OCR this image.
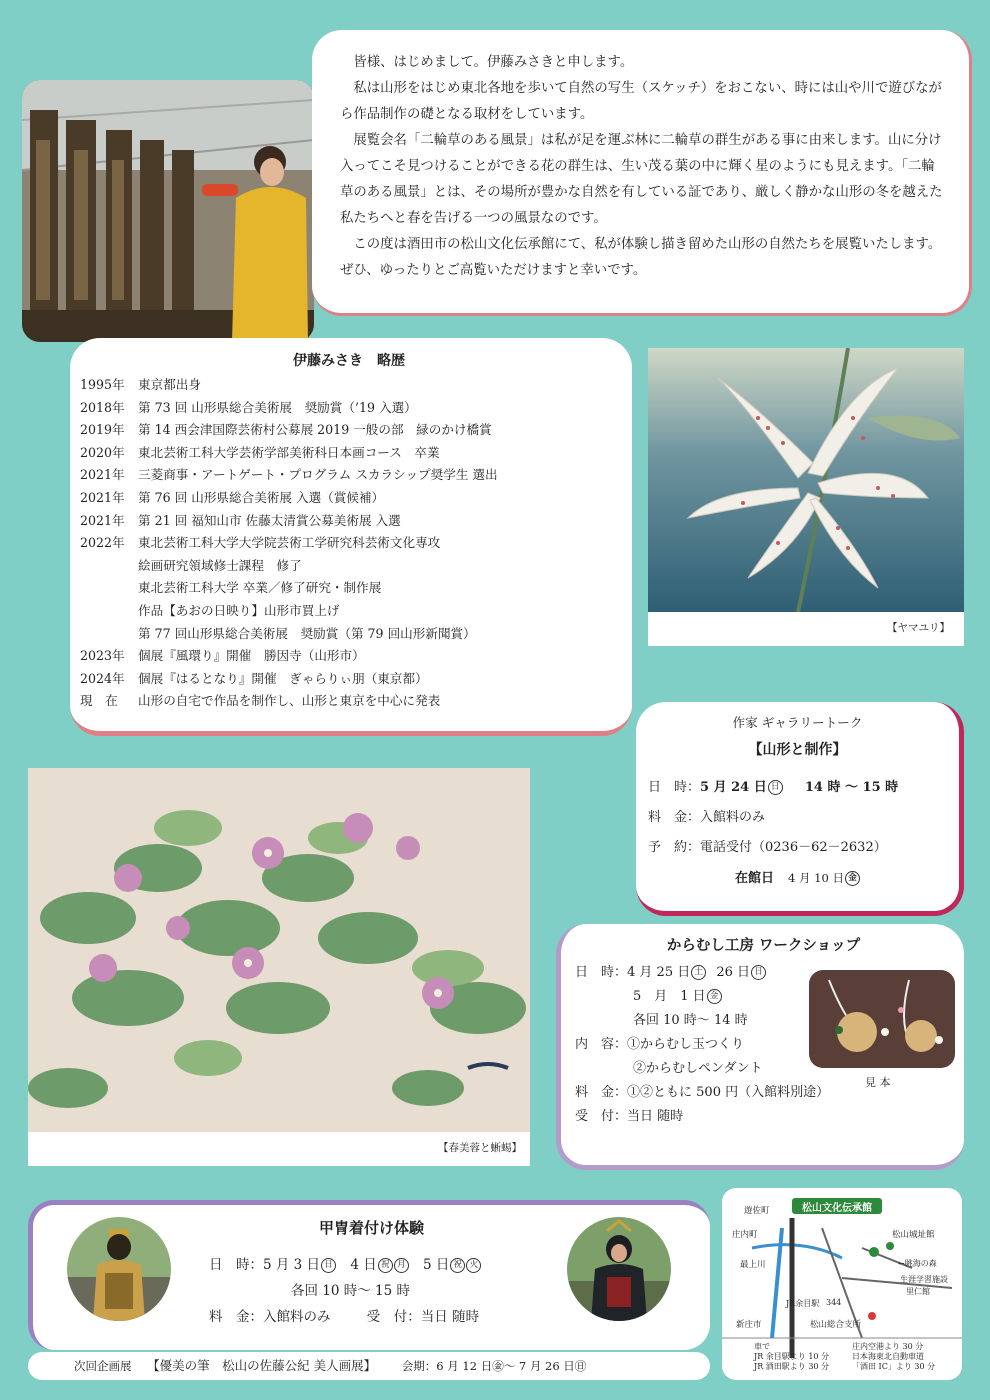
皆様、はじめまして。伊藤みさきと申します。

私は山形をはじめ東北各地を歩いて自然の写生（スケッチ）をおこない、時には山や川で遊びながら作品制作の礎となる取材をしています。

展覧会名「二輪草のある風景」は私が足を運ぶ林に二輪草の群生がある事に由来します。山に分け入ってこそ見つけることができる花の群生は、生い茂る葉の中に輝く星のようにも見えます。「二輪草のある風景」とは、その場所が豊かな自然を有している証であり、厳しく静かな山形の冬を越えた私たちへと春を告げる一つの風景なのです。

この度は酒田市の松山文化伝承館にて、私が体験し描き留めた山形の自然たちを展覧いたします。ぜひ、ゆったりとご高覧いただけますと幸いです。

伊藤みさき　略歴
1995年	東京都出身
2018年	第 73 回 山形県総合美術展　奨励賞（’19 入選）
2019年	第 14 西会津国際芸術村公募展 2019 一般の部　緑のかけ橋賞
2020年	東北芸術工科大学芸術学部美術科日本画コース　卒業
2021年	三菱商事・アートゲート・プログラム スカラシップ奨学生 選出
2021年	第 76 回 山形県総合美術展 入選（賞候補）
2021年	第 21 回 福知山市 佐藤太清賞公募美術展 入選
2022年	東北芸術工科大学大学院芸術工学研究科芸術文化専攻
絵画研究領域修士課程　修了
東北芸術工科大学 卒業／修了研究・制作展
作品【あおの日映り】山形市買上げ
第 77 回山形県総合美術展　奨励賞（第 79 回山形新聞賞）
2023年	個展『風環り』開催　勝因寺（山形市）
2024年	個展『はるとなり』開催　ぎゃらりぃ朋（東京都）
現　在	山形の自宅で作品を制作し、山形と東京を中心に発表
【ヤマユリ】
作家 ギャラリートーク
【山形と制作】
日　時：5 月 24 日 日 14 時 ～ 15 時
料　金：入館料のみ
予　約：電話受付（0236－62－2632）
在館日 4 月 10 日 金
【春美蓉と蜥蜴】
からむし工房 ワークショップ
日　時：4 月 25 日 土 26 日 日
5　月　1 日 金
各回 10 時～ 14 時
内　容：①からむし玉つくり
②からむしペンダント
料　金：①②ともに 500 円（入館料別途）
受　付：当日 随時
見 本
甲冑着付け体験
日　時：5 月 3 日 日 4 日 祝 月 5 日 祝 火
各回 10 時～ 15 時
料　金：入館料のみ	受　付：当日 随時
次回企画展 【優美の筆　松山の佐藤公紀 美人画展】 会期：6 月 12 日㊎～ 7 月 26 日㊐
松山文化伝承館
遊佐町
庄内町
最上川
新庄市
松山城址館
←眺海の森
生涯学習施設
里仁館
松山総合支所
JR余目駅 344
車で
JR 余目駅より 10 分
JR 酒田駅より 30 分
庄内空港より 30 分
日本海東北自動車道
「酒田 IC」より 30 分
